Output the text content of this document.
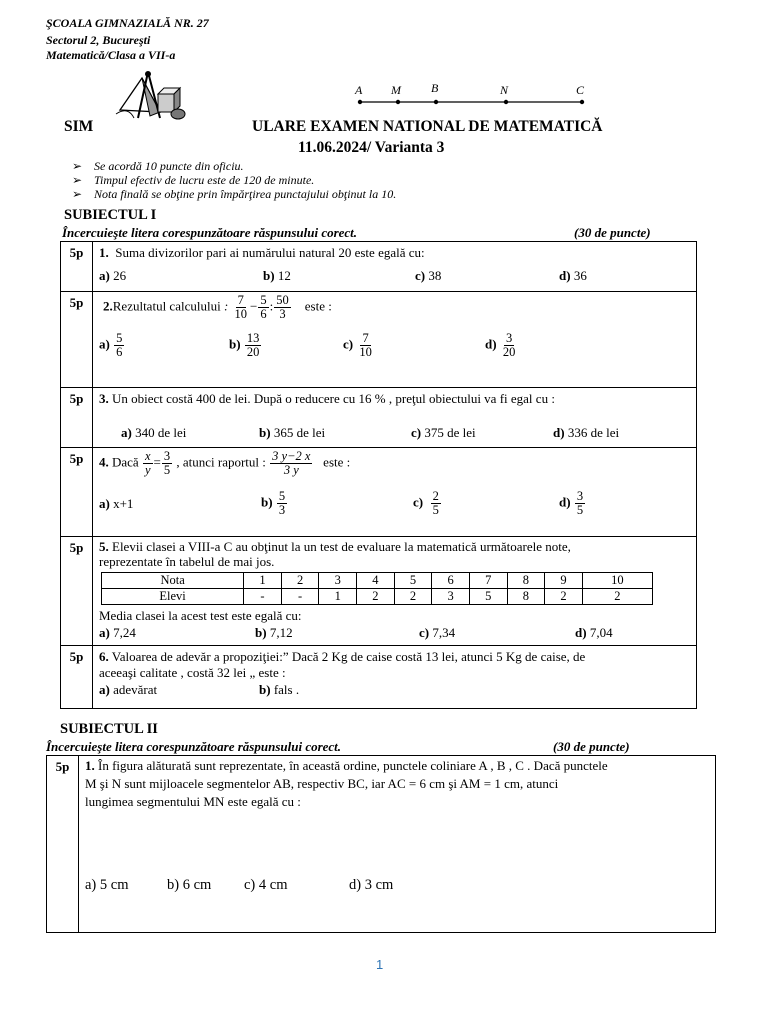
ŞCOALA GIMNAZIALĂ NR. 27
Sectorul 2, Bucureşti
Matematică/Clasa a VII-a
A M	B	N	C
SIM	ULARE EXAMEN NATIONAL DE MATEMATICĂ
11.06.2024/ Varianta 3
➢ Se acordă 10 puncte din oficiu.
➢ Timpul efectiv de lucru este de 120 de minute.
➢ Nota finală se obţine prin împărţirea punctajului obţinut la 10.
SUBIECTUL I
Încercuieşte litera corespunzătoare răspunsului corect.	(30 de puncte)
5p	1. Suma divizorilor pari ai numărului natural 20 este egală cu:
a) 26	b) 12	c) 38	d) 36

5p	2.Rezultatul calculului : $\frac{7}{10} - \frac{5}{6}$ : $\frac{50}{3}$ este :
$a) \frac{5}{6}$	$b) \frac{13}{20}$	$c) \frac{7}{10}$	$d) \frac{3}{20}$

5p	3. Un obiect costă 400 de lei. După o reducere cu 16 % , preţul obiectului va fi egal cu :
a) 340 de lei	b) 365 de lei	c) 375 de lei	d) 336 de lei

5p	4. Dacă $\frac{x}{y} = \frac{3}{5}$ , atunci raportul : $\frac{3 y-2 x}{3 y}$ este :
a) x+1	$b) \frac{5}{3}$	$c) \frac{2}{5}$	$d) \frac{3}{5}$

5p	5. Elevii clasei a VIII-a C au obţinut la un test de evaluare la matematică următoarele note,
reprezentate în tabelul de mai jos.
Nota	1	2	3	4	5	6	7	8	9	10
Elevi	-	-	1	2	2	3	5	8	2	2
Media clasei la acest test este egală cu:
a) 7,24	b) 7,12	c) 7,34	d) 7,04

5p	6. Valoarea de adevăr a propoziţiei:” Dacă 2 Kg de caise costă 13 lei, atunci 5 Kg de caise, de
aceeaşi calitate , costă 32 lei „ este :
a) adevărat	b) fals .
SUBIECTUL II
Încercuieşte litera corespunzătoare răspunsului corect.	(30 de puncte)
5p	1. În figura alăturată sunt reprezentate, în această ordine, punctele coliniare A , B , C . Dacă punctele
M şi N sunt mijloacele segmentelor AB, respectiv BC, iar AC = 6 cm şi AM = 1 cm, atunci
lungimea segmentului MN este egală cu :
a) 5 cm	b) 6 cm c) 4 cm	d) 3 cm
1
